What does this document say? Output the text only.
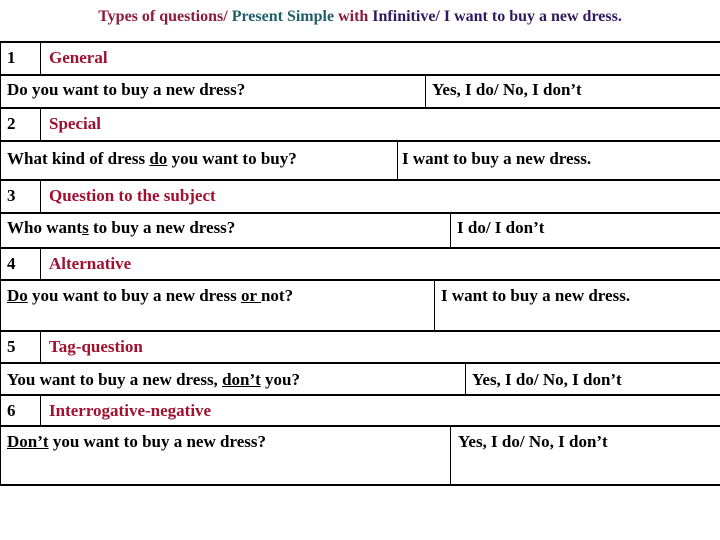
Types of questions/ Present Simple with Infinitive/ I want to buy a new dress.
1 General
Do you want to buy a new dress?	Yes, I do/ No, I don’t
2 Special
What kind of dress do you want to buy?	I want to buy a new dress.
3 Question to the subject
Who wants to buy a new dress?	I do/ I don’t
4 Alternative
Do you want to buy a new dress or not?	I want to buy a new dress.
5 Tag-question
You want to buy a new dress, don’t you?	Yes, I do/ No, I don’t
6 Interrogative-negative
Don’t you want to buy a new dress?	Yes, I do/ No, I don’t
